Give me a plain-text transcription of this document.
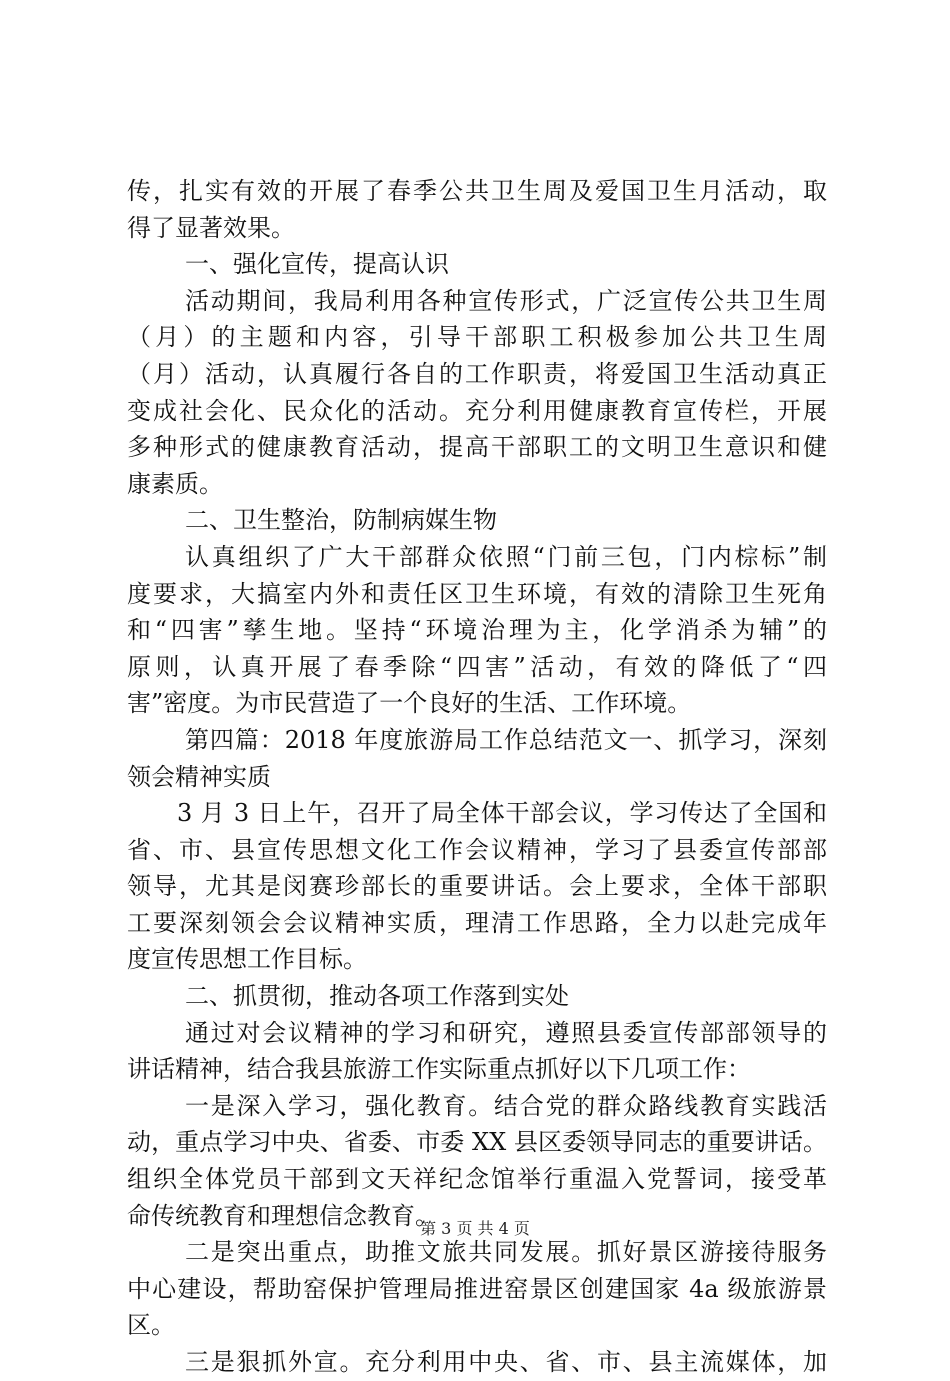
传，扎实有效的开展了春季公共卫生周及爱国卫生月活动，取
得了显著效果。
一、强化宣传，提高认识
活动期间，我局利用各种宣传形式，广泛宣传公共卫生周
（月）的主题和内容，引导干部职工积极参加公共卫生周
（月）活动，认真履行各自的工作职责，将爱国卫生活动真正
变成社会化、民众化的活动。充分利用健康教育宣传栏，开展
多种形式的健康教育活动，提高干部职工的文明卫生意识和健
康素质。
二、卫生整治，防制病媒生物
认真组织了广大干部群众依照“门前三包，门内棕标”制
度要求，大搞室内外和责任区卫生环境，有效的清除卫生死角
和“四害”孳生地。坚持“环境治理为主，化学消杀为辅”的
原则，认真开展了春季除“四害”活动，有效的降低了“四
害”密度。为市民营造了一个良好的生活、工作环境。
第四篇：2018 年度旅游局工作总结范文一、抓学习，深刻
领会精神实质
3 月 3 日上午，召开了局全体干部会议，学习传达了全国和
省、市、县宣传思想文化工作会议精神，学习了县委宣传部部
领导，尤其是闵赛珍部长的重要讲话。会上要求，全体干部职
工要深刻领会会议精神实质，理清工作思路，全力以赴完成年
度宣传思想工作目标。
二、抓贯彻，推动各项工作落到实处
通过对会议精神的学习和研究，遵照县委宣传部部领导的
讲话精神，结合我县旅游工作实际重点抓好以下几项工作：
一是深入学习，强化教育。结合党的群众路线教育实践活
动，重点学习中央、省委、市委 XX 县区委领导同志的重要讲话。
组织全体党员干部到文天祥纪念馆举行重温入党誓词，接受革
命传统教育和理想信念教育。
二是突出重点，助推文旅共同发展。抓好景区游接待服务
中心建设，帮助窑保护管理局推进窑景区创建国家 4a 级旅游景
区。
三是狠抓外宣。充分利用中央、省、市、县主流媒体，加
第 3 页 共 4 页
